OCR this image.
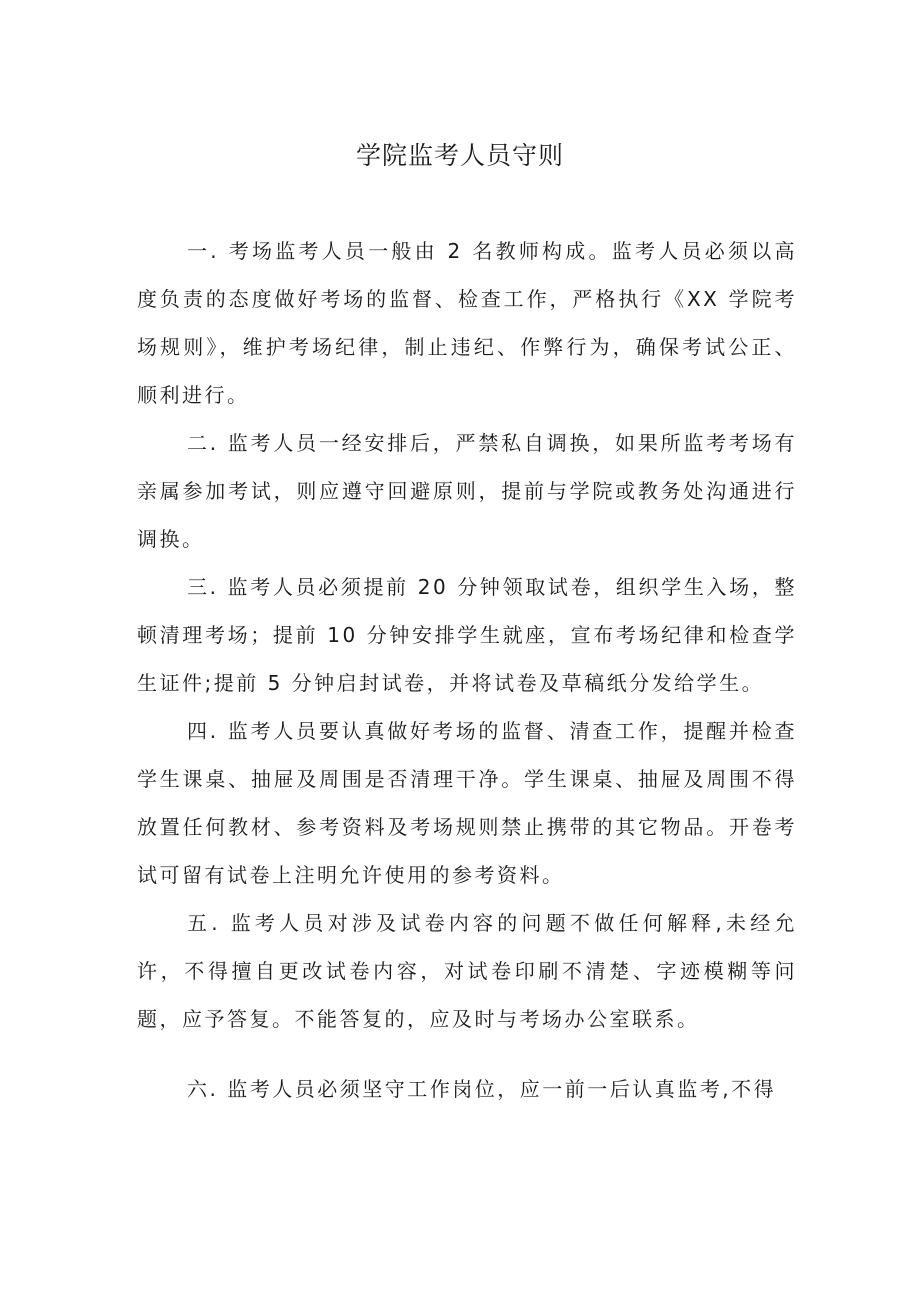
学院监考人员守则

一. 考场监考人员一般由 2 名教师构成。监考人员必须以高度负责的态度做好考场的监督、检查工作，严格执行《XX 学院考场规则》，维护考场纪律，制止违纪、作弊行为，确保考试公正、顺利进行。

二. 监考人员一经安排后，严禁私自调换，如果所监考考场有亲属参加考试，则应遵守回避原则，提前与学院或教务处沟通进行调换。

三. 监考人员必须提前 20 分钟领取试卷，组织学生入场，整顿清理考场；提前 10 分钟安排学生就座，宣布考场纪律和检查学生证件;提前 5 分钟启封试卷，并将试卷及草稿纸分发给学生。

四. 监考人员要认真做好考场的监督、清查工作，提醒并检查学生课桌、抽屉及周围是否清理干净。学生课桌、抽屉及周围不得放置任何教材、参考资料及考场规则禁止携带的其它物品。开卷考试可留有试卷上注明允许使用的参考资料。

五. 监考人员对涉及试卷内容的问题不做任何解释,未经允许，不得擅自更改试卷内容，对试卷印刷不清楚、字迹模糊等问题，应予答复。不能答复的，应及时与考场办公室联系。

六. 监考人员必须坚守工作岗位，应一前一后认真监考,不得
